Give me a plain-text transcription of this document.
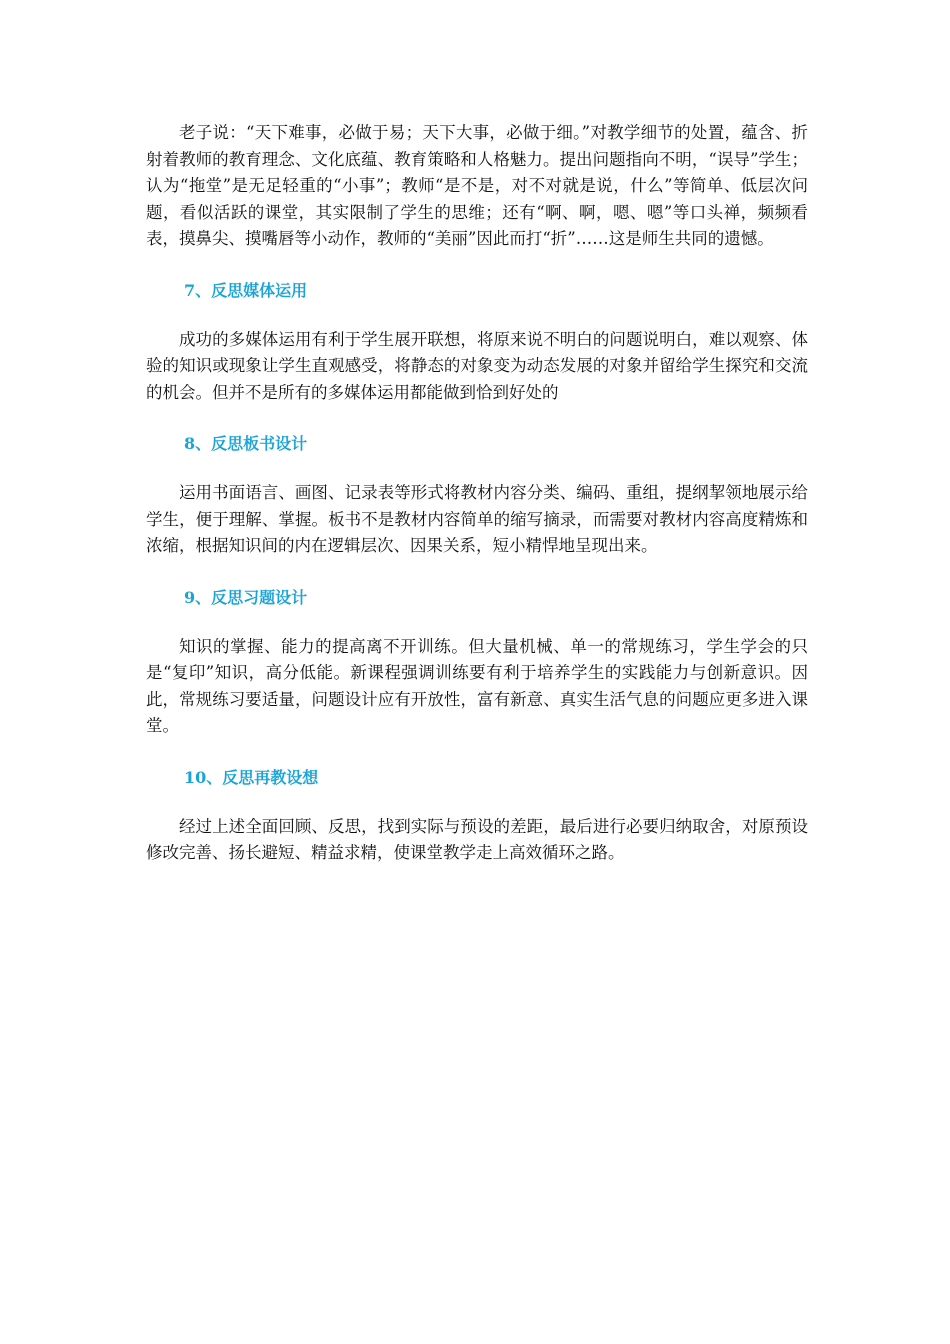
老子说：“天下难事，必做于易；天下大事，必做于细。”对教学细节的处置，蕴含、折射着教师的教育理念、文化底蕴、教育策略和人格魅力。提出问题指向不明，“误导”学生；认为“拖堂”是无足轻重的“小事”；教师“是不是，对不对就是说，什么”等简单、低层次问题，看似活跃的课堂，其实限制了学生的思维；还有“啊、啊，嗯、嗯”等口头禅，频频看表，摸鼻尖、摸嘴唇等小动作，教师的“美丽”因此而打“折”……这是师生共同的遗憾。

7、反思媒体运用

成功的多媒体运用有利于学生展开联想，将原来说不明白的问题说明白，难以观察、体验的知识或现象让学生直观感受，将静态的对象变为动态发展的对象并留给学生探究和交流的机会。但并不是所有的多媒体运用都能做到恰到好处的

8、反思板书设计

运用书面语言、画图、记录表等形式将教材内容分类、编码、重组，提纲挈领地展示给学生，便于理解、掌握。板书不是教材内容简单的缩写摘录，而需要对教材内容高度精炼和浓缩，根据知识间的内在逻辑层次、因果关系，短小精悍地呈现出来。

9、反思习题设计

知识的掌握、能力的提高离不开训练。但大量机械、单一的常规练习，学生学会的只是“复印”知识，高分低能。新课程强调训练要有利于培养学生的实践能力与创新意识。因此，常规练习要适量，问题设计应有开放性，富有新意、真实生活气息的问题应更多进入课堂。

10、反思再教设想

经过上述全面回顾、反思，找到实际与预设的差距，最后进行必要归纳取舍，对原预设修改完善、扬长避短、精益求精，使课堂教学走上高效循环之路。
